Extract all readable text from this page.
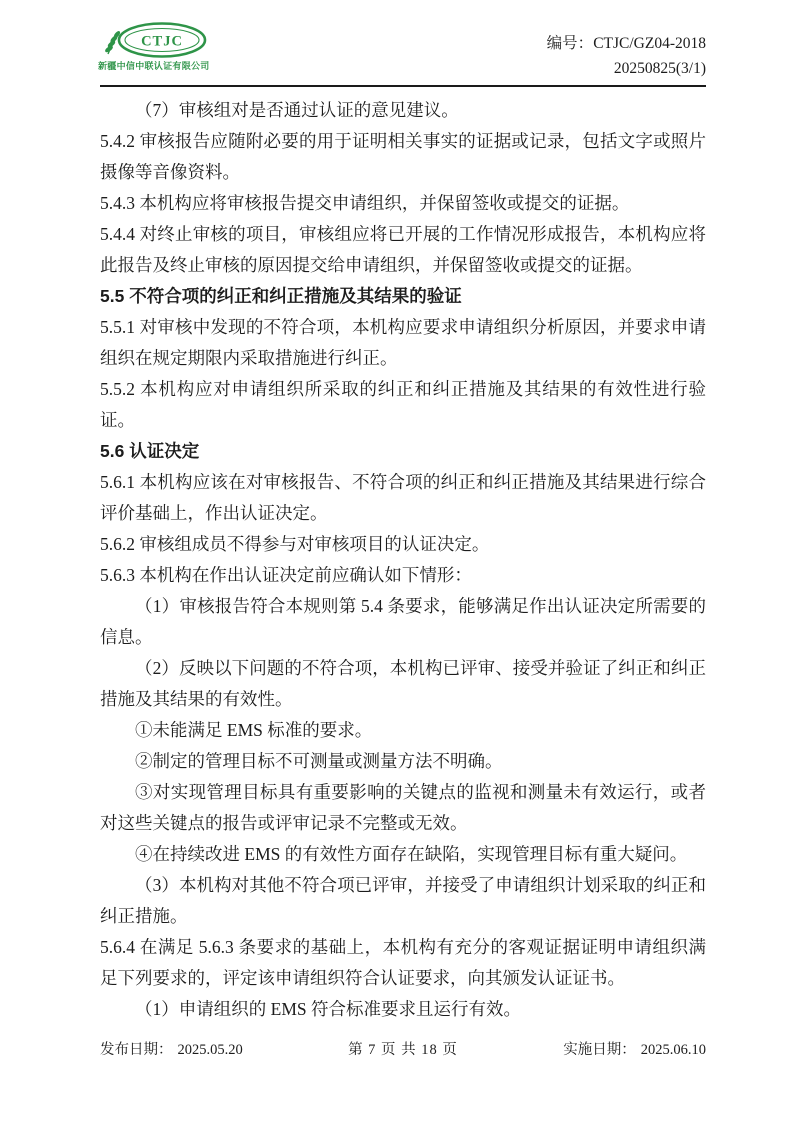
CTJC
新疆中信中联认证有限公司
编号：CTJC/GZ04-2018
20250825(3/1)
（7）审核组对是否通过认证的意见建议。
5.4.2 审核报告应随附必要的用于证明相关事实的证据或记录，包括文字或照片摄像等音像资料。
5.4.3 本机构应将审核报告提交申请组织，并保留签收或提交的证据。
5.4.4 对终止审核的项目，审核组应将已开展的工作情况形成报告，本机构应将此报告及终止审核的原因提交给申请组织，并保留签收或提交的证据。
5.5 不符合项的纠正和纠正措施及其结果的验证
5.5.1 对审核中发现的不符合项，本机构应要求申请组织分析原因，并要求申请组织在规定期限内采取措施进行纠正。
5.5.2 本机构应对申请组织所采取的纠正和纠正措施及其结果的有效性进行验证。
5.6 认证决定
5.6.1 本机构应该在对审核报告、不符合项的纠正和纠正措施及其结果进行综合评价基础上，作出认证决定。
5.6.2 审核组成员不得参与对审核项目的认证决定。
5.6.3 本机构在作出认证决定前应确认如下情形：
（1）审核报告符合本规则第 5.4 条要求，能够满足作出认证决定所需要的信息。
（2）反映以下问题的不符合项，本机构已评审、接受并验证了纠正和纠正措施及其结果的有效性。
①未能满足 EMS 标准的要求。
②制定的管理目标不可测量或测量方法不明确。
③对实现管理目标具有重要影响的关键点的监视和测量未有效运行，或者对这些关键点的报告或评审记录不完整或无效。
④在持续改进 EMS 的有效性方面存在缺陷，实现管理目标有重大疑问。
（3）本机构对其他不符合项已评审，并接受了申请组织计划采取的纠正和纠正措施。
5.6.4 在满足 5.6.3 条要求的基础上，本机构有充分的客观证据证明申请组织满足下列要求的，评定该申请组织符合认证要求，向其颁发认证证书。
（1）申请组织的 EMS 符合标准要求且运行有效。
发布日期： 2025.05.20	第 7 页 共 18 页	实施日期： 2025.06.10
